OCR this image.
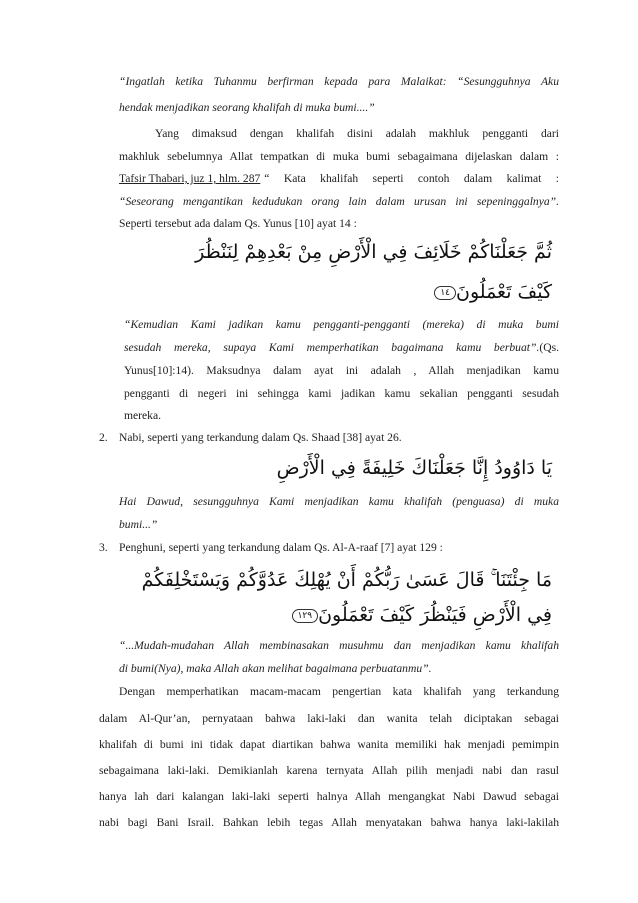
“Ingatlah ketika Tuhanmu berfirman kepada para Malaikat: “Sesungguhnya Aku
hendak menjadikan seorang khalifah di muka bumi....”
Yang dimaksud dengan khalifah disini adalah makhluk pengganti dari
makhluk sebelumnya Allat tempatkan di muka bumi sebagaimana dijelaskan dalam :
Tafsir Thabari, juz 1, hlm. 287 “ Kata khalifah seperti contoh dalam kalimat :
“Seseorang mengantikan kedudukan orang lain dalam urusan ini sepeninggalnya”.
Seperti tersebut ada dalam Qs. Yunus [10] ayat 14 :
ثُمَّ جَعَلْنَاكُمْ خَلَائِفَ فِي الْأَرْضِ مِنْ بَعْدِهِمْ لِنَنْظُرَ
كَيْفَ تَعْمَلُونَ١٤
“Kemudian Kami jadikan kamu pengganti-pengganti (mereka) di muka bumi
sesudah mereka, supaya Kami memperhatikan bagaimana kamu berbuat”. (Qs.
Yunus[10]:14). Maksudnya dalam ayat ini adalah , Allah menjadikan kamu
pengganti di negeri ini sehingga kami jadikan kamu sekalian pengganti sesudah
mereka.
2. Nabi, seperti yang terkandung dalam Qs. Shaad [38] ayat 26.
يَا دَاوُودُ إِنَّا جَعَلْنَاكَ خَلِيفَةً فِي الْأَرْضِ
Hai Dawud, sesungguhnya Kami menjadikan kamu khalifah (penguasa) di muka
bumi...”
3. Penghuni, seperti yang terkandung dalam Qs. Al-A-raaf [7] ayat 129 :
مَا جِئْتَنَا ۚ قَالَ عَسَىٰ رَبُّكُمْ أَنْ يُهْلِكَ عَدُوَّكُمْ وَيَسْتَخْلِفَكُمْ
فِي الْأَرْضِ فَيَنْظُرَ كَيْفَ تَعْمَلُونَ١٢٩
“...Mudah-mudahan Allah membinasakan musuhmu dan menjadikan kamu khalifah
di bumi(Nya), maka Allah akan melihat bagaimana perbuatanmu”.
Dengan memperhatikan macam-macam pengertian kata khalifah yang terkandung
dalam Al-Qur’an, pernyataan bahwa laki-laki dan wanita telah diciptakan sebagai
khalifah di bumi ini tidak dapat diartikan bahwa wanita memiliki hak menjadi pemimpin
sebagaimana laki-laki. Demikianlah karena ternyata Allah pilih menjadi nabi dan rasul
hanya lah dari kalangan laki-laki seperti halnya Allah mengangkat Nabi Dawud sebagai
nabi bagi Bani Israil. Bahkan lebih tegas Allah menyatakan bahwa hanya laki-lakilah
